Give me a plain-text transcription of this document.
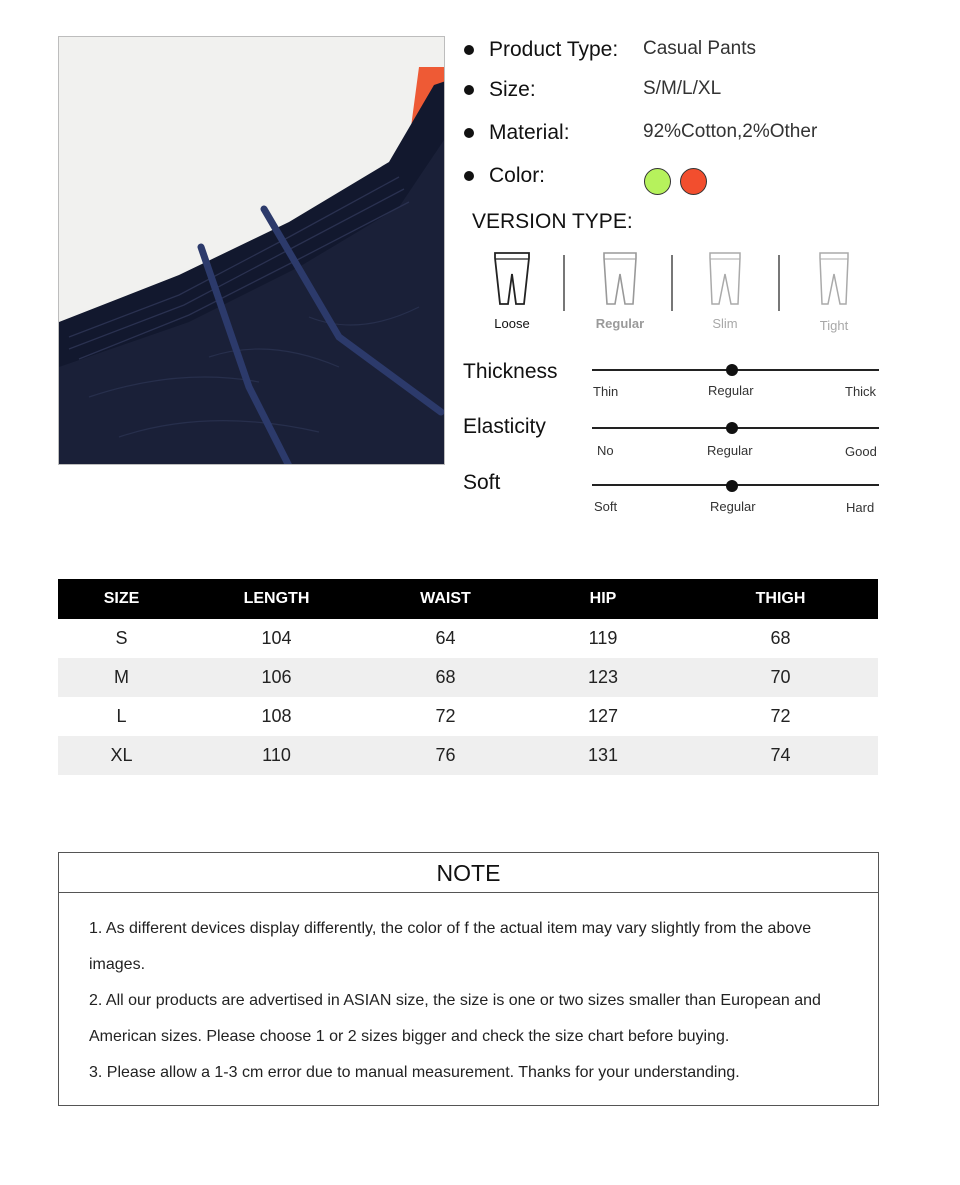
Product Type: Casual Pants
Size:	S/M/L/XL
Material:	92%Cotton,2%Other
Color:
VERSION TYPE:
Loose	Regular	Slim	Tight
Thickness
Thin	Regular	Thick
Elasticity
No	Regular	Good
Soft
Soft	Regular	Hard
SIZE	LENGTH	WAIST	HIP	THIGH
S	104	64	119	68
M	106	68	123	70
L	108	72	127	72
XL	110	76	131	74
NOTE
1. As different devices display differently, the color of f the actual item may vary slightly from the above
images.
2. All our products are advertised in ASIAN size, the size is one or two sizes smaller than European and
American sizes. Please choose 1 or 2 sizes bigger and check the size chart before buying.
3. Please allow a 1-3 cm error due to manual measurement. Thanks for your understanding.
